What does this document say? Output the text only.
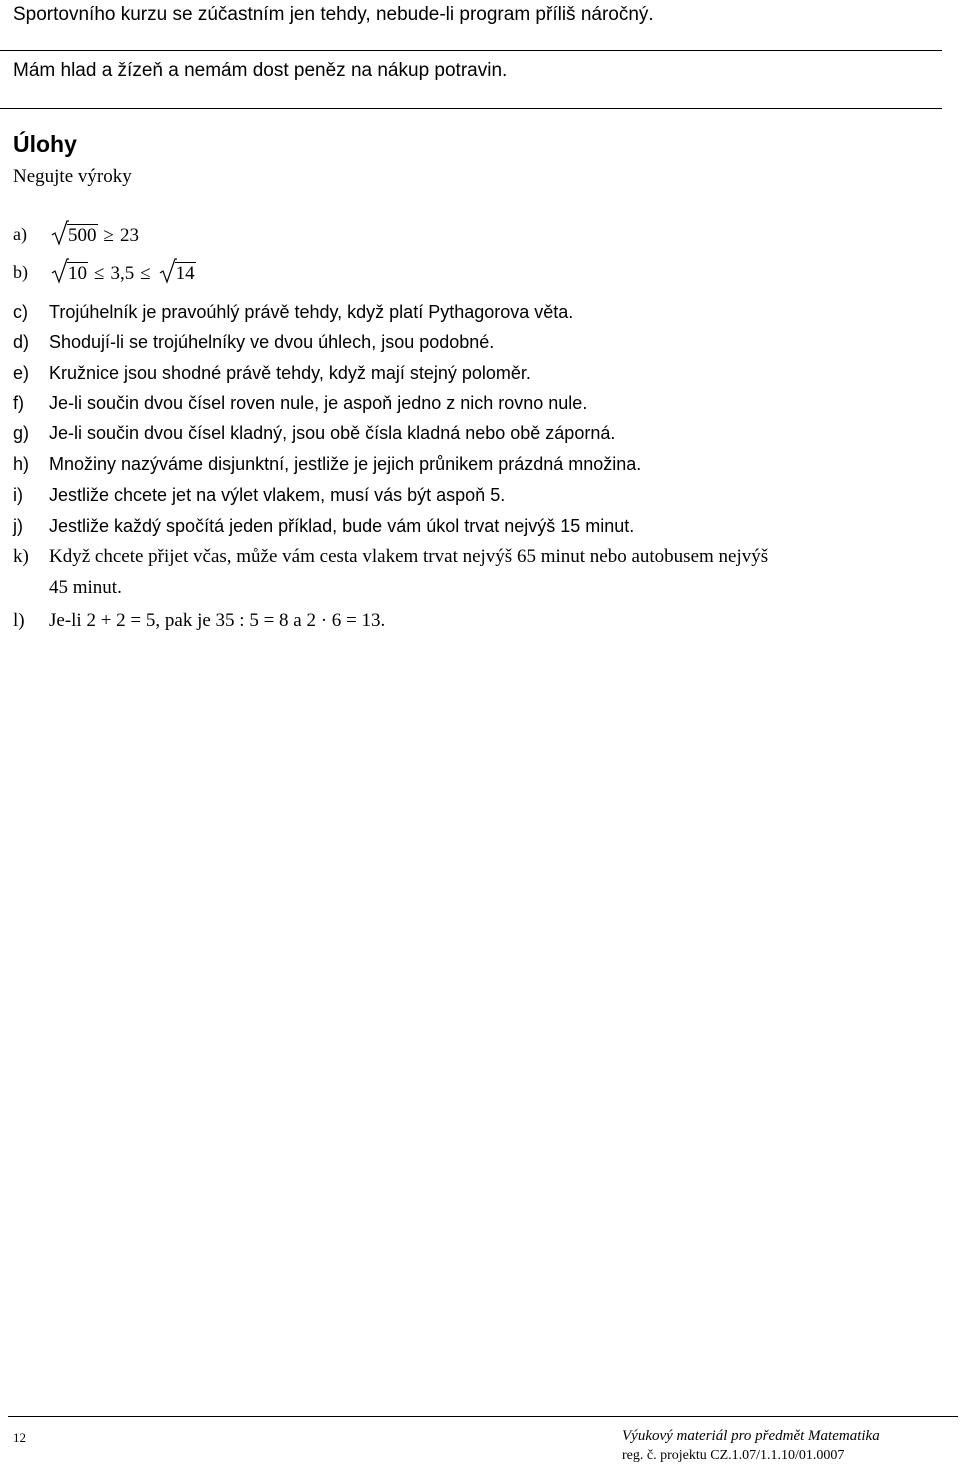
Sportovního kurzu se zúčastním jen tehdy, nebude-li program příliš náročný.
Mám hlad a žízeň a nemám dost peněz na nákup potravin.
Úlohy
Negujte výroky
a)	500 ≥ 23
b)	10 ≤ 3,5 ≤ 14
c)	Trojúhelník je pravoúhlý právě tehdy, když platí Pythagorova věta.
d)	Shodují-li se trojúhelníky ve dvou úhlech, jsou podobné.
e)	Kružnice jsou shodné právě tehdy, když mají stejný poloměr.
f)	Je-li součin dvou čísel roven nule, je aspoň jedno z nich rovno nule.
g)	Je-li součin dvou čísel kladný, jsou obě čísla kladná nebo obě záporná.
h)	Množiny nazýváme disjunktní, jestliže je jejich průnikem prázdná množina.
i)	Jestliže chcete jet na výlet vlakem, musí vás být aspoň 5.
j)	Jestliže každý spočítá jeden příklad, bude vám úkol trvat nejvýš 15 minut.
k)	Když chcete přijet včas, může vám cesta vlakem trvat nejvýš 65 minut nebo autobusem nejvýš
45 minut.
l)	Je-li 2 + 2 = 5, pak je 35 : 5 = 8 a 2 · 6 = 13.
12	Výukový materiál pro předmět Matematika
reg. č. projektu CZ.1.07/1.1.10/01.0007
